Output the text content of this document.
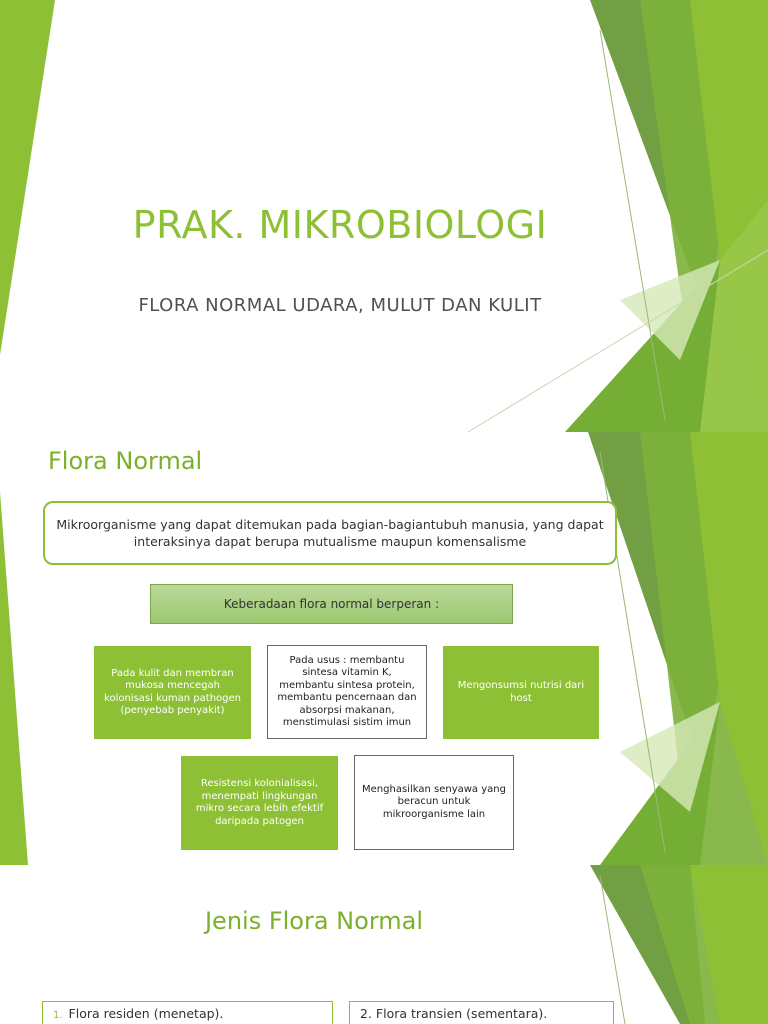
PRAK. MIKROBIOLOGI
FLORA NORMAL UDARA, MULUT DAN KULIT
Flora Normal
Mikroorganisme yang dapat ditemukan pada bagian-bagiantubuh manusia, yang dapat interaksinya dapat berupa mutualisme maupun komensalisme
Keberadaan flora normal berperan :
Pada kulit dan membran mukosa mencegah kolonisasi kuman pathogen (penyebab penyakit)
Pada usus : membantu sintesa vitamin K, membantu sintesa protein, membantu pencernaan dan absorpsi makanan, menstimulasi sistim imun
Mengonsumsi nutrisi dari host
Resistensi kolonialisasi, menempati lingkungan mikro secara lebih efektif daripada patogen
Menghasilkan senyawa yang beracun untuk mikroorganisme lain
Jenis Flora Normal
1. Flora residen (menetap).	2. Flora transien (sementara).
